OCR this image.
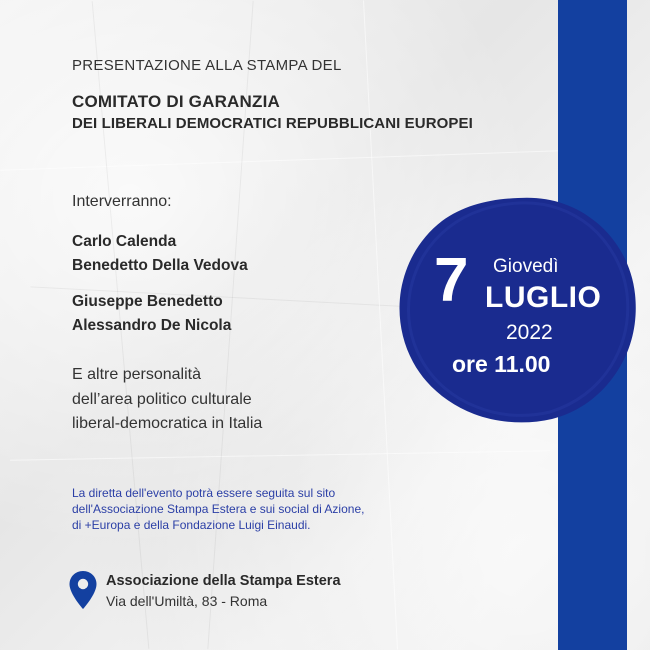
PRESENTAZIONE ALLA STAMPA DEL
COMITATO DI GARANZIA
DEI LIBERALI DEMOCRATICI REPUBBLICANI EUROPEI
Interverranno:
Carlo Calenda
Benedetto Della Vedova
Giuseppe Benedetto
Alessandro De Nicola
E altre personalità
dell’area politico culturale
liberal-democratica in Italia
La diretta dell'evento potrà essere seguita sul sito
dell'Associazione Stampa Estera e sui social di Azione,
di +Europa e della Fondazione Luigi Einaudi.
Associazione della Stampa Estera
Via dell'Umiltà, 83 - Roma
7 Giovedì
LUGLIO
2022
ore 11.00
